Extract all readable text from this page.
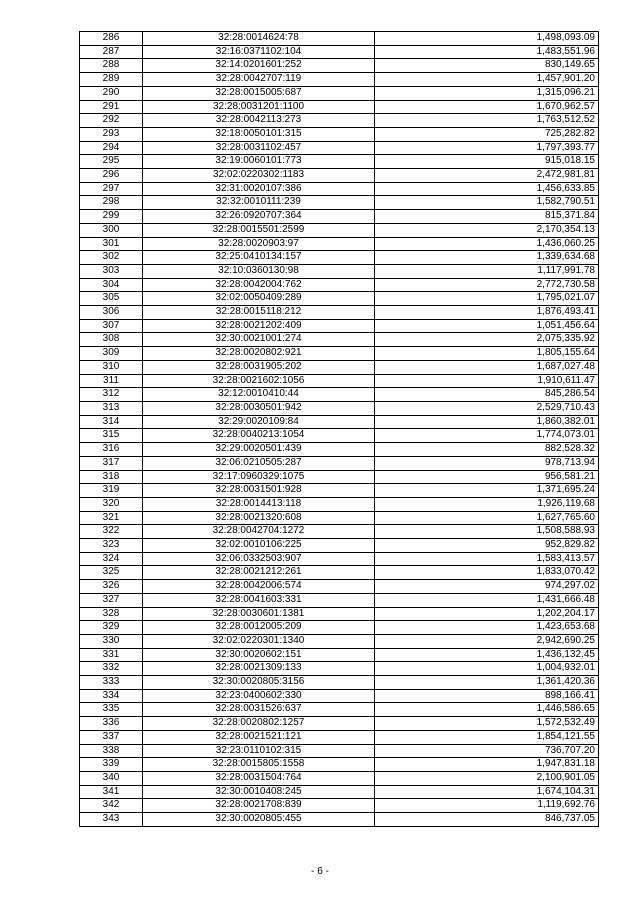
286	32:28:0014624:78	1,498,093.09
287	32:16:0371102:104	1,483,551.96
288	32:14:0201601:252	830,149.65
289	32:28:0042707:119	1,457,901.20
290	32:28:0015005:687	1,315,096.21
291	32:28:0031201:1100	1,670,962.57
292	32:28:0042113:273	1,763,512.52
293	32:18:0050101:315	725,282.82
294	32:28:0031102:457	1,797,393.77
295	32:19:0060101:773	915,018.15
296	32:02:0220302:1183	2,472,981.81
297	32:31:0020107:386	1,456,633.85
298	32:32:0010111:239	1,582,790.51
299	32:26:0920707:364	815,371.84
300	32:28:0015501:2599	2,170,354.13
301	32:28:0020903:97	1,436,060.25
302	32:25:0410134:157	1,339,634.68
303	32:10:0360130:98	1,117,991.78
304	32:28:0042004:762	2,772,730.58
305	32:02:0050409:289	1,795,021.07
306	32:28:0015118:212	1,876,493.41
307	32:28:0021202:409	1,051,456.64
308	32:30:0021001:274	2,075,335.92
309	32:28:0020802:921	1,805,155.64
310	32:28:0031905:202	1,687,027.48
311	32:28:0021602:1056	1,910,611.47
312	32:12:0010410:44	845,286.54
313	32:28:0030501:942	2,529,710.43
314	32:29:0020109:84	1,860,382.01
315	32:28:0040213:1054	1,774,073.01
316	32:29:0020501:439	882,528.32
317	32:06:0210505:287	978,713.94
318	32:17:0960329:1075	956,581.21
319	32:28:0031501:928	1,371,695.24
320	32:28:0014413:118	1,926,119.68
321	32:28:0021320:608	1,627,765.60
322	32:28:0042704:1272	1,508,588.93
323	32:02:0010106:225	952,829.82
324	32:06:0332503:907	1,583,413.57
325	32:28:0021212:261	1,833,070.42
326	32:28:0042006:574	974,297.02
327	32:28:0041603:331	1,431,666.48
328	32:28:0030601:1381	1,202,204.17
329	32:28:0012005:209	1,423,653.68
330	32:02:0220301:1340	2,942,690.25
331	32:30:0020602:151	1,436,132.45
332	32:28:0021309:133	1,004,932.01
333	32:30:0020805:3156	1,361,420.36
334	32:23:0400602:330	898,166.41
335	32:28:0031526:637	1,446,586.65
336	32:28:0020802:1257	1,572,532.49
337	32:28:0021521:121	1,854,121.55
338	32:23:0110102:315	736,707.20
339	32:28:0015805:1558	1,947,831.18
340	32:28:0031504:764	2,100,901.05
341	32:30:0010408:245	1,674,104.31
342	32:28:0021708:839	1,119,692.76
343	32:30:0020805:455	846,737.05
- 6 -
